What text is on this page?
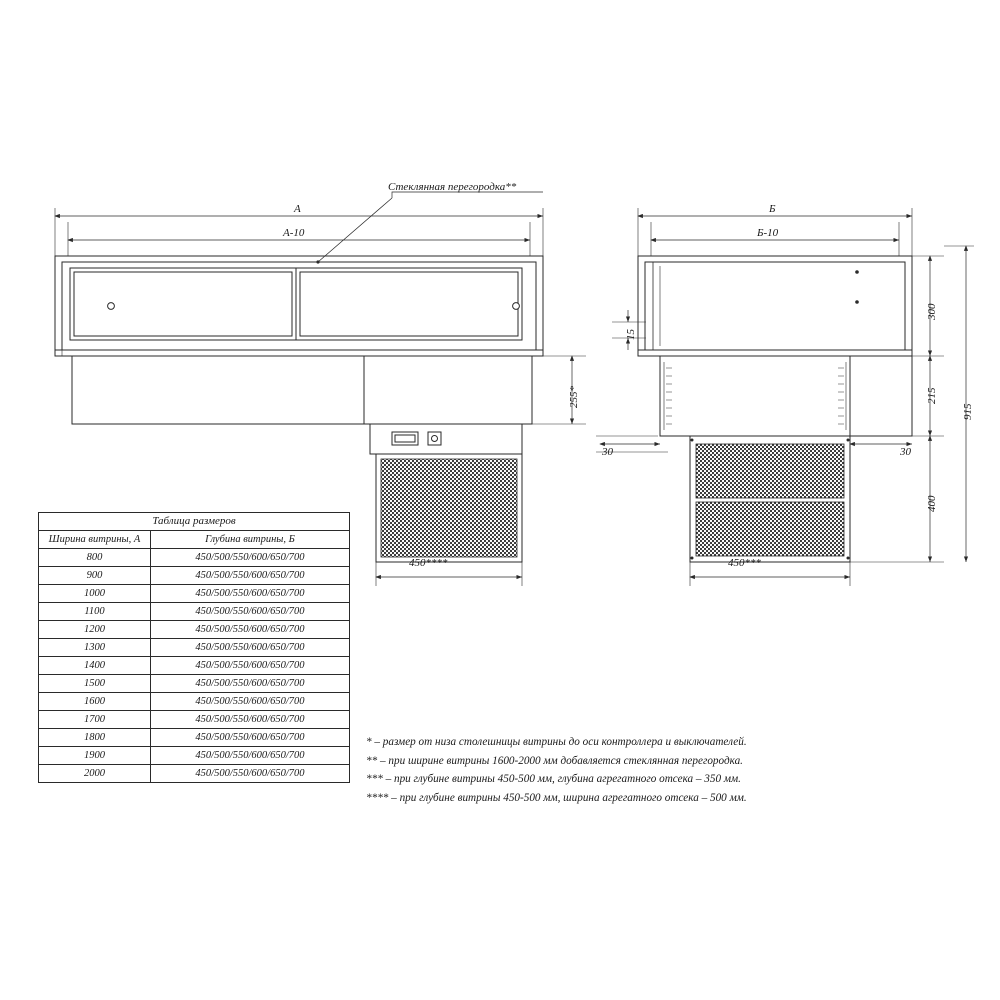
Стеклянная перегородка**
А
А-10
Б
Б-10
255*
15
300
215
400
915
30	30
450****	450***
Таблица размеров	
Ширина витрины, А	Глубина витрины, Б
800	450/500/550/600/650/700
900	450/500/550/600/650/700
1000	450/500/550/600/650/700
1100	450/500/550/600/650/700
1200	450/500/550/600/650/700
1300	450/500/550/600/650/700
1400	450/500/550/600/650/700
1500	450/500/550/600/650/700
1600	450/500/550/600/650/700
1700	450/500/550/600/650/700
1800	450/500/550/600/650/700
1900	450/500/550/600/650/700
2000	450/500/550/600/650/700
* – размер от низа столешницы витрины до оси контроллера и выключателей.
** – при ширине витрины 1600-2000 мм добавляется стеклянная перегородка.
*** – при глубине витрины 450-500 мм, глубина агрегатного отсека – 350 мм.
**** – при глубине витрины 450-500 мм, ширина агрегатного отсека – 500 мм.
